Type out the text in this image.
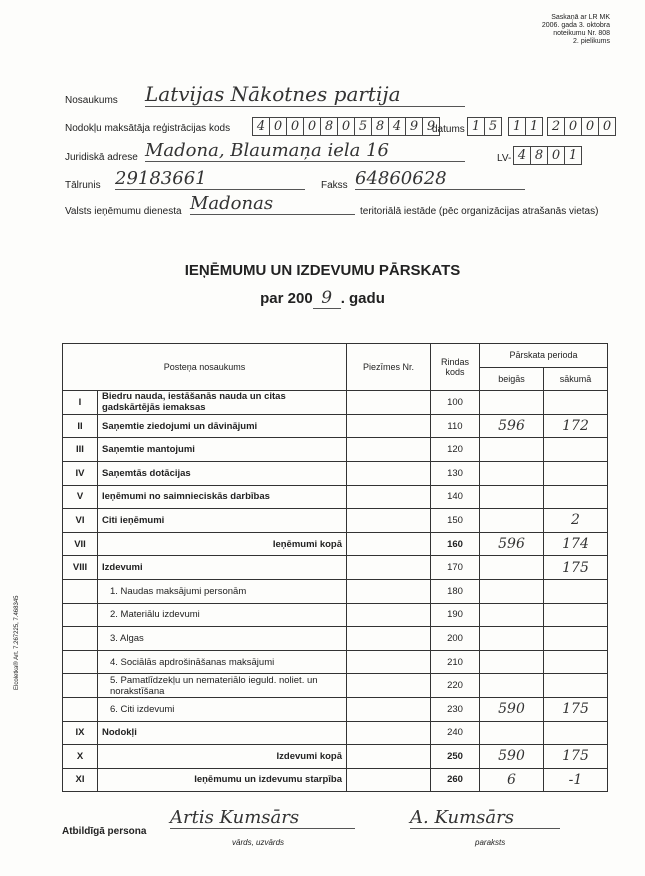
Saskaņā ar LR MK
2006. gada 3. oktobra
noteikumu Nr. 808
2. pielikums
Nosaukums Latvijas Nākotnes partija
Nodokļu maksātāja reģistrācijas kods	4 0 0 0 8 0 5 8 4 9 9
datums 1 5	1 1	2 0 0 0
Juridiskā adrese Madona, Blaumaņa iela 16	LV- 4 8 0 1
Tālrunis 29183661	Fakss 64860628
Valsts ieņēmumu dienesta Madonas	teritoriālā iestāde (pēc organizācijas atrašanās vietas)
IEŅĒMUMU UN IZDEVUMU PĀRSKATS
par 200 9 . gadu
Posteņa nosaukums		Piezīmes Nr.	Rindas kods	Pārskata perioda	
				beigās	sākumā
I	Biedru nauda, iestāšanās nauda un citas gadskārtējās iemaksas		100		
II	Saņemtie ziedojumi un dāvinājumi		110	596	172
III	Saņemtie mantojumi		120		
IV	Saņemtās dotācijas		130		
V	Ieņēmumi no saimnieciskās darbības		140		
VI	Citi ieņēmumi		150		2
VII	Ieņēmumi kopā		160	596	174
VIII	Izdevumi		170		175
	1. Naudas maksājumi personām		180		
	2. Materiālu izdevumi		190		
	3. Algas		200		
	4. Sociālās apdrošināšanas maksājumi		210		
	5. Pamatlīdzekļu un nemateriālo ieguld. noliet. un norakstīšana		220		
	6. Citi izdevumi		230	590	175
IX	Nodokļi		240		
X	Izdevumi kopā		250	590	175
XI	Ieņēmumu un izdevumu starpība		260	6	-1
Atbildīgā persona
Artis Kumsārs
vārds, uzvārds
A. Kumsārs
paraksts
Elcoletka® Art. 7.267225, 7.468345
